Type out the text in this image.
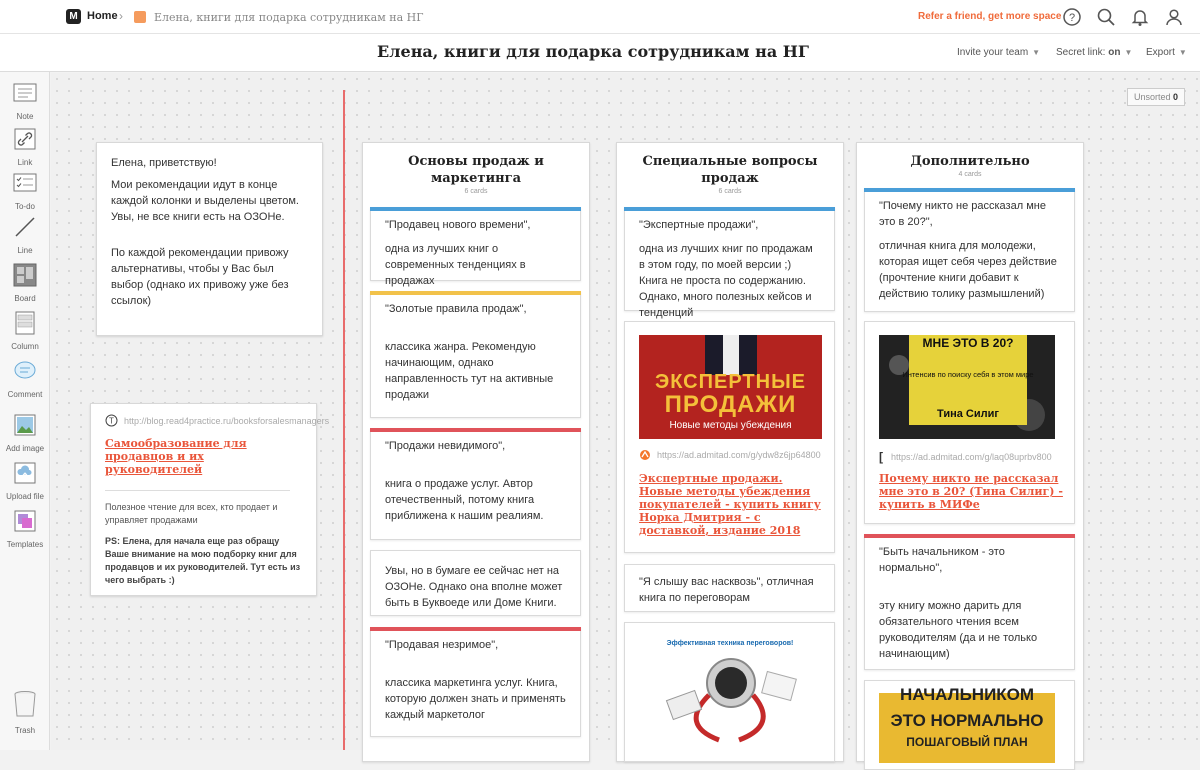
M Home ›	Елена, книги для подарка сотрудникам на НГ	Refer a friend, get more space ?
Елена, книги для подарка сотрудникам на НГ	Invite your team ▼ Secret link: on ▼ Export ▼
Note
Link
To-do
Line
Board
Column
Comment
Add image
Upload file
Templates
Trash
Unsorted 0

Елена, приветствую!

Мои рекомендации идут в конце каждой колонки и выделены цветом. Увы, не все книги есть на ОЗОНе.

По каждой рекомендации привожу альтернативы, чтобы у Вас был выбор (однако их привожу уже без ссылок)

T http://blog.read4practice.ru/booksforsalesmanagers
Самообразование для продавцов и их руководителей

Полезное чтение для всех, кто продает и управляет продажами

PS: Елена, для начала еще раз обращу Ваше внимание на мою подборку книг для продавцов и их руководителей. Тут есть из чего выбрать :)

Основы продаж и маркетинга
6 cards

"Продавец нового времени",

одна из лучших книг о современных тенденциях в продажах

"Золотые правила продаж",

классика жанра. Рекомендую начинающим, однако направленность тут на активные продажи

"Продажи невидимого",

книга о продаже услуг. Автор отечественный, потому книга приближена к нашим реалиям.

Увы, но в бумаге ее сейчас нет на ОЗОНе. Однако она вполне может быть в Буквоеде или Доме Книги.

"Продавая незримое",

классика маркетинга услуг. Книга, которую должен знать и применять каждый маркетолог

Специальные вопросы продаж
6 cards

"Экспертные продажи",

одна из лучших книг по продажам в этом году, по моей версии ;) Книга не проста по содержанию. Однако, много полезных кейсов и тенденций

ЭКСПЕРТНЫЕ
ПРОДАЖИ
Новые методы убеждения
https://ad.admitad.com/g/ydw8z6jp64800
Экспертные продажи. Новые методы убеждения покупателей - купить книгу Норка Дмитрия - с доставкой, издание 2018

"Я слышу вас насквозь", отличная книга по переговорам

Эффективная техника переговоров!
Дополнительно
4 cards

"Почему никто не рассказал мне это в 20?",

отличная книга для молодежи, которая ищет себя через действие (прочтение книги добавит к действию толику размышлений)

МНЕ ЭТО В 20?
Интенсив по поиску себя в этом мире
Тина Силиг
[ https://ad.admitad.com/g/laq08uprbv800
Почему никто не рассказал мне это в 20? (Тина Силиг) - купить в МИФе

"Быть начальником - это нормально",

эту книгу можно дарить для обязательного чтения всем руководителям (да и не только начинающим)

НАЧАЛЬНИКОМ
ЭТО НОРМАЛЬНО
ПОШАГОВЫЙ ПЛАН
